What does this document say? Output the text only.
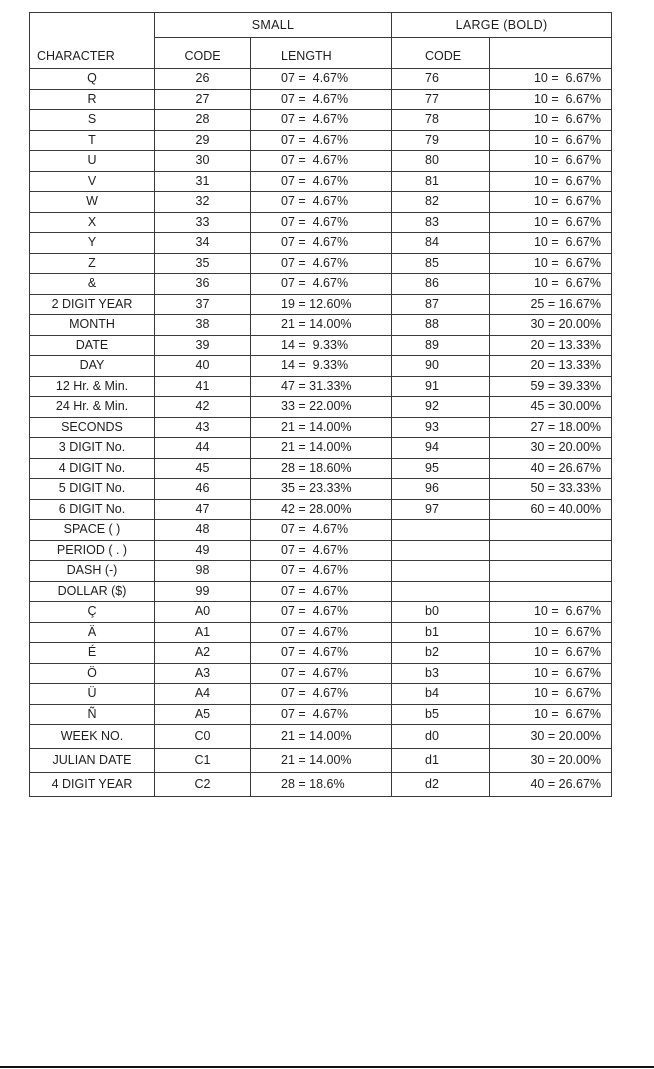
CHARACTER	SMALL		LARGE (BOLD)	
	CODE	LENGTH	CODE	
Q	26	07 =  4.67%	76	10 =  6.67%
R	27	07 =  4.67%	77	10 =  6.67%
S	28	07 =  4.67%	78	10 =  6.67%
T	29	07 =  4.67%	79	10 =  6.67%
U	30	07 =  4.67%	80	10 =  6.67%
V	31	07 =  4.67%	81	10 =  6.67%
W	32	07 =  4.67%	82	10 =  6.67%
X	33	07 =  4.67%	83	10 =  6.67%
Y	34	07 =  4.67%	84	10 =  6.67%
Z	35	07 =  4.67%	85	10 =  6.67%
&	36	07 =  4.67%	86	10 =  6.67%
2 DIGIT YEAR	37	19 = 12.60%	87	25 = 16.67%
MONTH	38	21 = 14.00%	88	30 = 20.00%
DATE	39	14 =  9.33%	89	20 = 13.33%
DAY	40	14 =  9.33%	90	20 = 13.33%
12 Hr. & Min.	41	47 = 31.33%	91	59 = 39.33%
24 Hr. & Min.	42	33 = 22.00%	92	45 = 30.00%
SECONDS	43	21 = 14.00%	93	27 = 18.00%
3 DIGIT No.	44	21 = 14.00%	94	30 = 20.00%
4 DIGIT No.	45	28 = 18.60%	95	40 = 26.67%
5 DIGIT No.	46	35 = 23.33%	96	50 = 33.33%
6 DIGIT No.	47	42 = 28.00%	97	60 = 40.00%
SPACE ( )	48	07 =  4.67%		
PERIOD ( . )	49	07 =  4.67%		
DASH (-)	98	07 =  4.67%		
DOLLAR ($)	99	07 =  4.67%		
Ç	A0	07 =  4.67%	b0	10 =  6.67%
Ä	A1	07 =  4.67%	b1	10 =  6.67%
É	A2	07 =  4.67%	b2	10 =  6.67%
Ö	A3	07 =  4.67%	b3	10 =  6.67%
Ü	A4	07 =  4.67%	b4	10 =  6.67%
Ñ	A5	07 =  4.67%	b5	10 =  6.67%
WEEK NO.	C0	21 = 14.00%	d0	30 = 20.00%
JULIAN DATE	C1	21 = 14.00%	d1	30 = 20.00%
4 DIGIT YEAR	C2	28 = 18.6%	d2	40 = 26.67%
